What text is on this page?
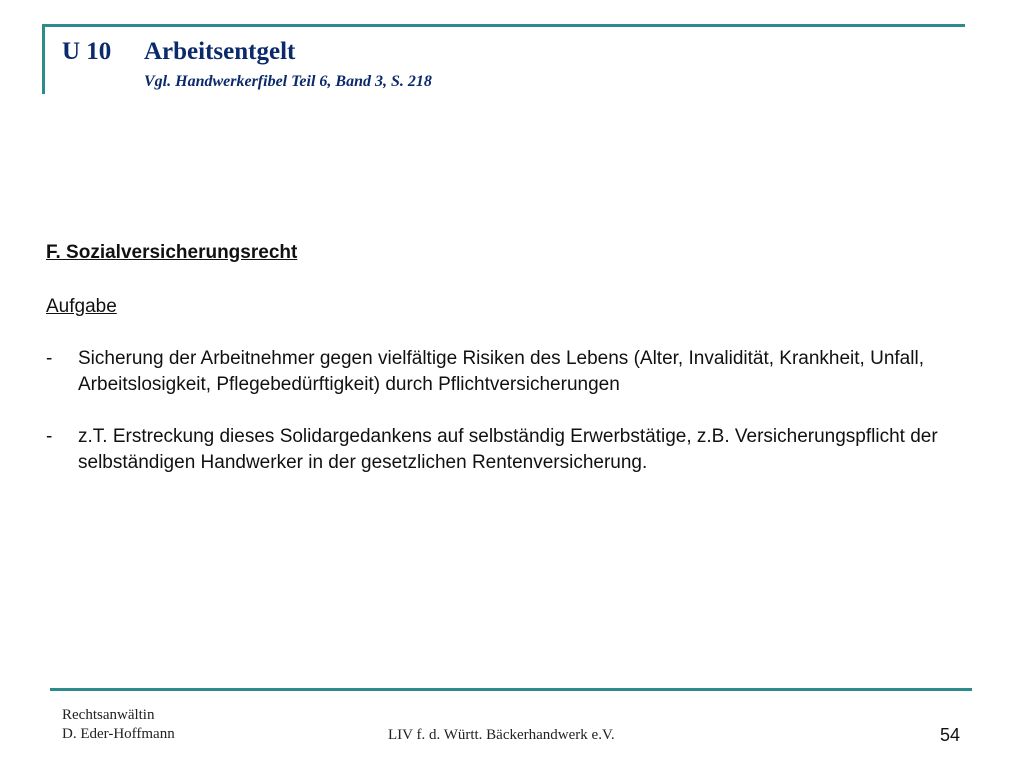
U 10 Arbeitsentgelt
Vgl. Handwerkerfibel Teil 6, Band 3, S. 218
F. Sozialversicherungsrecht
Aufgabe
- Sicherung der Arbeitnehmer gegen vielfältige Risiken des Lebens (Alter, Invalidität, Krankheit, Unfall, Arbeitslosigkeit, Pflegebedürftigkeit) durch Pflichtversicherungen
- z.T. Erstreckung dieses Solidargedankens auf selbständig Erwerbstätige, z.B. Versicherungspflicht der selbständigen Handwerker in der gesetzlichen Rentenversicherung.
Rechtsanwältin
D. Eder-Hoffmann	LIV f. d. Württ. Bäckerhandwerk e.V.	54
